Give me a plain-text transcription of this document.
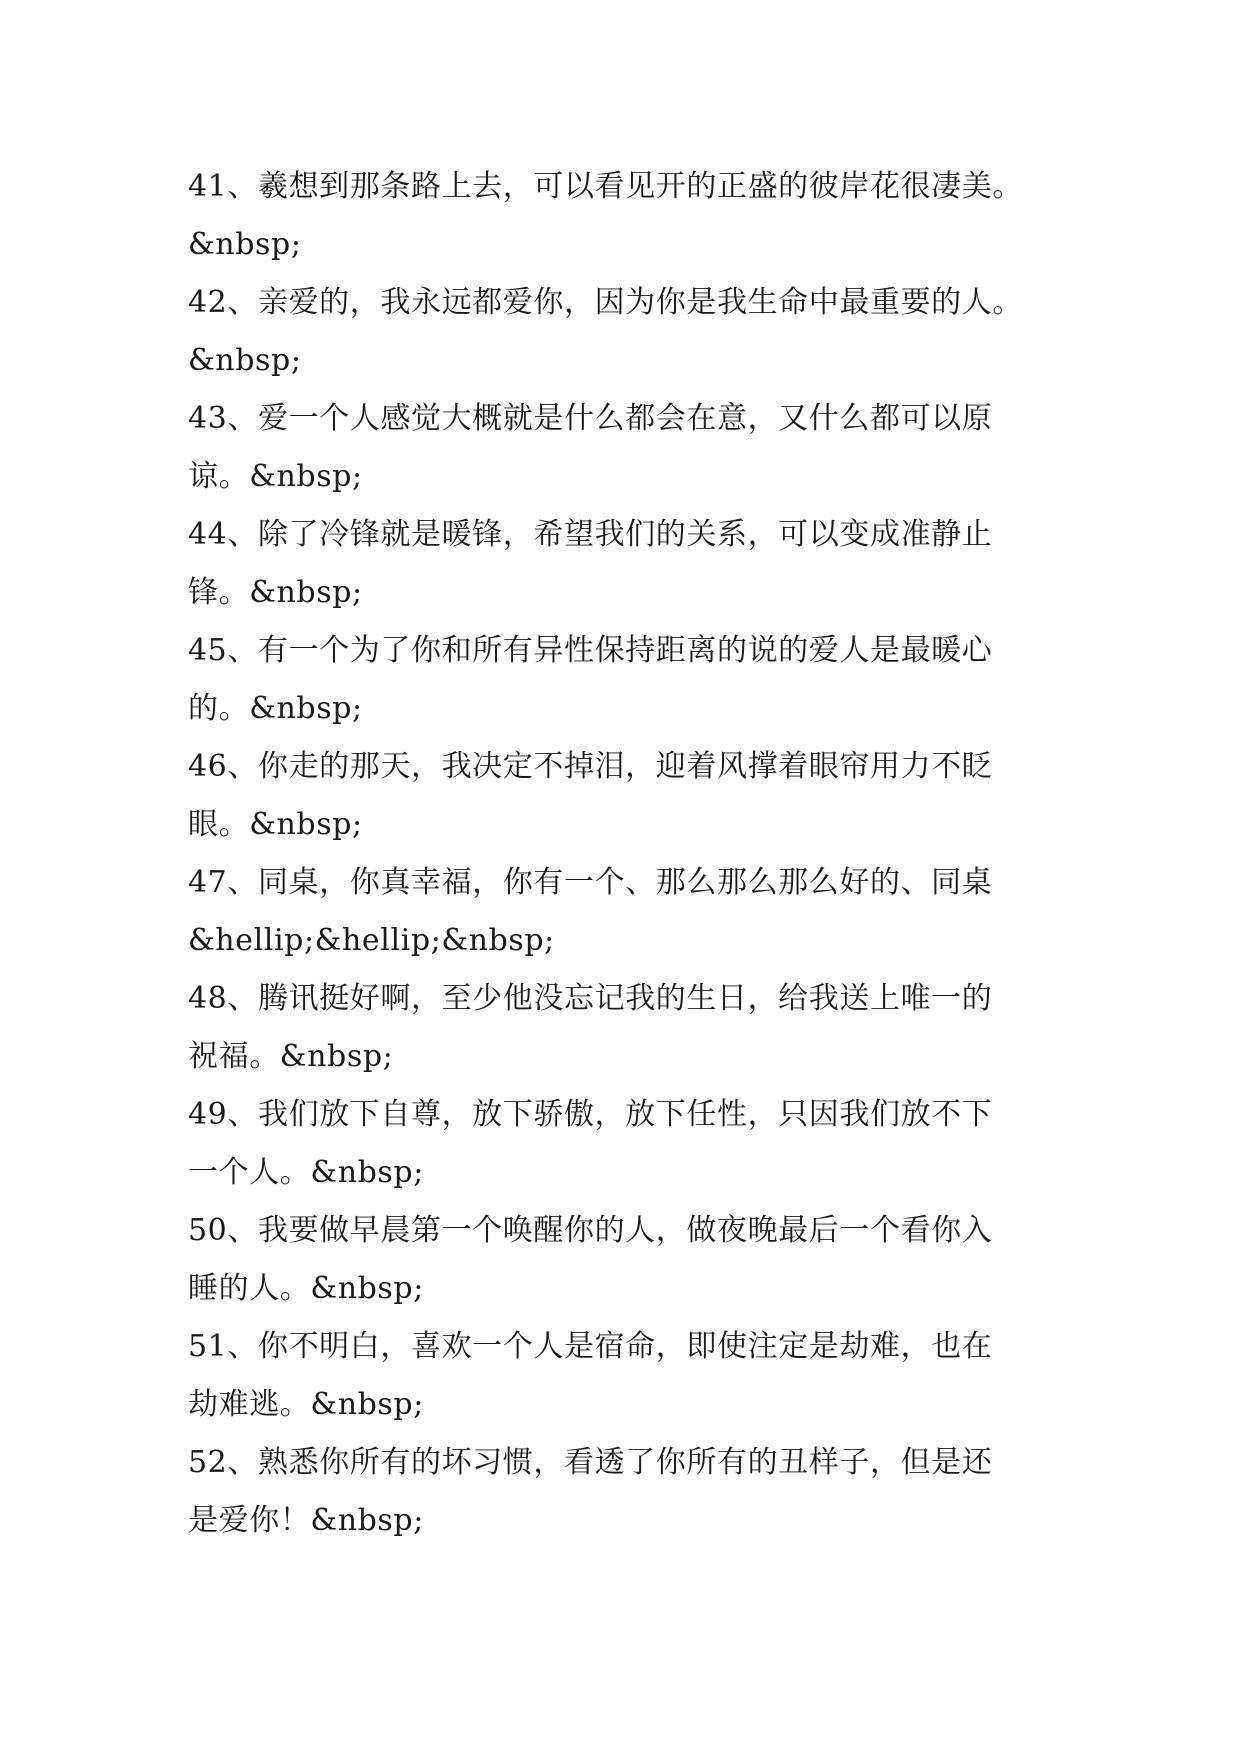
41、羲想到那条路上去，可以看见开的正盛的彼岸花很凄美。
&nbsp;
42、亲爱的，我永远都爱你，因为你是我生命中最重要的人。
&nbsp;
43、爱一个人感觉大概就是什么都会在意，又什么都可以原
谅。&nbsp;
44、除了冷锋就是暖锋，希望我们的关系，可以变成准静止
锋。&nbsp;
45、有一个为了你和所有异性保持距离的说的爱人是最暖心
的。&nbsp;
46、你走的那天，我决定不掉泪，迎着风撑着眼帘用力不眨
眼。&nbsp;
47、同桌，你真幸福，你有一个、那么那么那么好的、同桌
&hellip;&hellip;&nbsp;
48、腾讯挺好啊，至少他没忘记我的生日，给我送上唯一的
祝福。&nbsp;
49、我们放下自尊，放下骄傲，放下任性，只因我们放不下
一个人。&nbsp;
50、我要做早晨第一个唤醒你的人，做夜晚最后一个看你入
睡的人。&nbsp;
51、你不明白，喜欢一个人是宿命，即使注定是劫难，也在
劫难逃。&nbsp;
52、熟悉你所有的坏习惯，看透了你所有的丑样子，但是还
是爱你！&nbsp;
